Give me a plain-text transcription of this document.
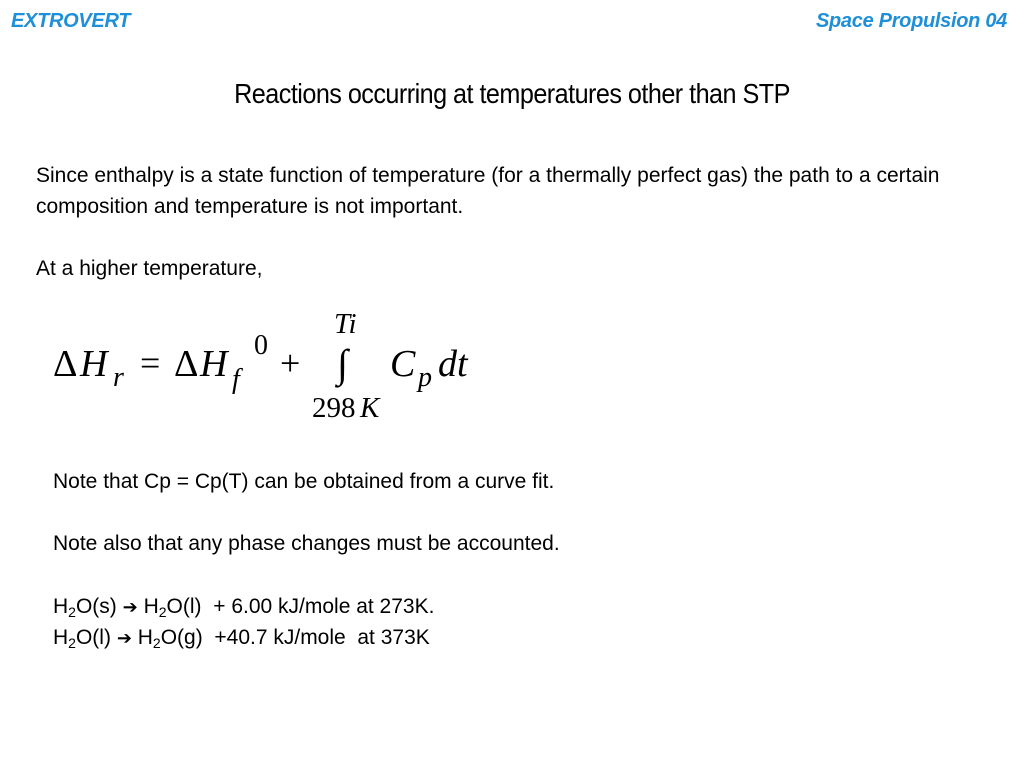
EXTROVERT	Space Propulsion 04
Reactions occurring at temperatures other than STP
Since enthalpy is a state function of temperature (for a thermally perfect gas) the path to a certain composition and temperature is not important.
At a higher temperature,
Δ H r = Δ H f
0 +
Ti
∫
298 K
C p dt
Note that Cp = Cp(T) can be obtained from a curve fit.
Note also that any phase changes must be accounted.
$H_2O(s)$ ➔ $H_2O(l) + 6.00$ kJ/mole at 273K.
$H_2O(l)$ ➔ $H_2O(g) +40.7$ kJ/mole  at 373K
